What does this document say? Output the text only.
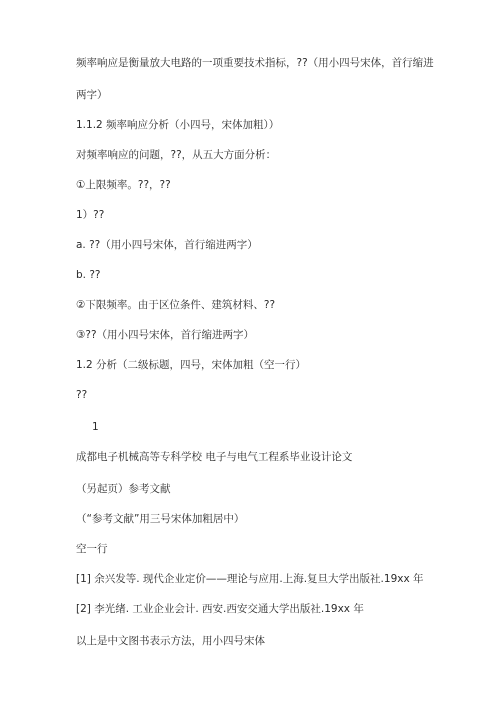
频率响应是衡量放大电路的一项重要技术指标，??（用小四号宋体，首行缩进
两字）
1.1.2 频率响应分析（小四号，宋体加粗））
对频率响应的问题，??，从五大方面分析：
①上限频率。??，??
1）??
a. ??（用小四号宋体，首行缩进两字）
b. ??
②下限频率。由于区位条件、建筑材料、??
③??（用小四号宋体，首行缩进两字）
1.2 分析（二级标题，四号，宋体加粗（空一行）
??
1
成都电子机械高等专科学校 电子与电气工程系毕业设计论文
（另起页）参考文献
（“参考文献”用三号宋体加粗居中）
空一行
[1] 余兴发等. 现代企业定价——理论与应用.上海.复旦大学出版社.19xx 年
[2] 李光绪. 工业企业会计. 西安.西安交通大学出版社.19xx 年
以上是中文图书表示方法，用小四号宋体
